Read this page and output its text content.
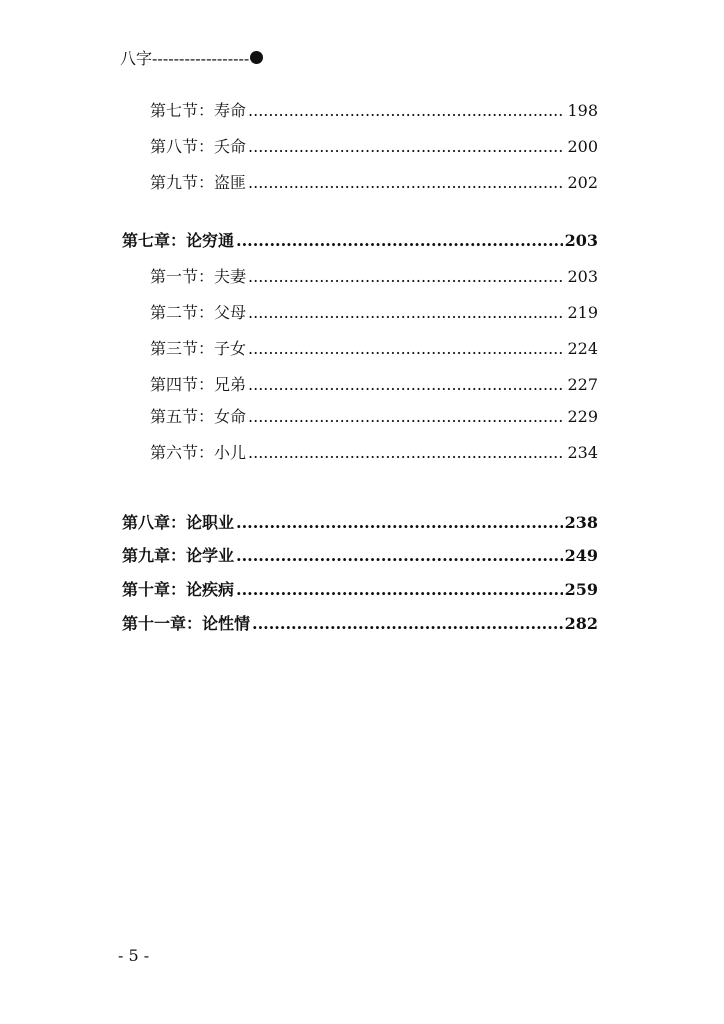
八字------------------
第七节：寿命 .....	198
第八节：夭命 .....	200
第九节：盗匪 .....	202
第七章：论穷通 .....	203
第一节：夫妻 .....	203
第二节：父母 .....	219
第三节：子女 .....	224
第四节：兄弟 .....	227
第五节：女命 .....	229
第六节：小儿 .....	234
第八章：论职业 .....	238
第九章：论学业 .....	249
第十章：论疾病 .....	259
第十一章：论性情 .....	282
- 5 -
